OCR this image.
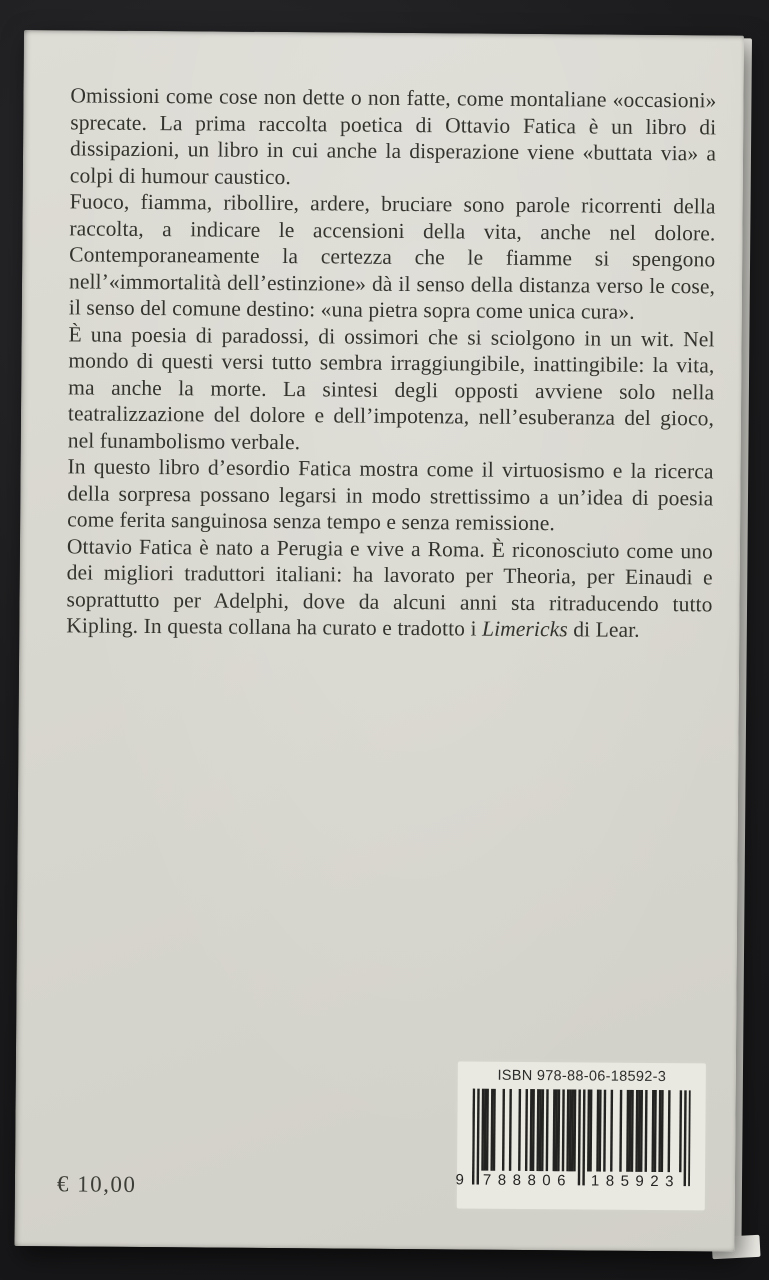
Omissioni come cose non dette o non fatte, come montaliane «occasioni» sprecate. La prima raccolta poetica di Ottavio Fatica è un libro di dissipazioni, un libro in cui anche la disperazione viene «buttata via» a colpi di humour caustico.

Fuoco, fiamma, ribollire, ardere, bruciare sono parole ricorrenti della raccolta, a indicare le accensioni della vita, anche nel dolore. Contemporaneamente la certezza che le fiamme si spengono nell’«immortalità dell’estinzione» dà il senso della distanza verso le cose, il senso del comune destino: «una pietra sopra come unica cura».

È una poesia di paradossi, di ossimori che si sciolgono in un wit. Nel mondo di questi versi tutto sembra irraggiungibile, inattingibile: la vita, ma anche la morte. La sintesi degli opposti avviene solo nella teatralizzazione del dolore e dell’impotenza, nell’esuberanza del gioco, nel funambolismo verbale.

In questo libro d’esordio Fatica mostra come il virtuosismo e la ricerca della sorpresa possano legarsi in modo strettissimo a un’idea di poesia come ferita sanguinosa senza tempo e senza remissione.

Ottavio Fatica è nato a Perugia e vive a Roma. È riconosciuto come uno dei migliori traduttori italiani: ha lavorato per Theoria, per Einaudi e soprattutto per Adelphi, dove da alcuni anni sta ritraducendo tutto Kipling. In questa collana ha curato e tradotto i Limericks di Lear.

€ 10,00
ISBN 978-88-06-18592-3
9 788806 185923
